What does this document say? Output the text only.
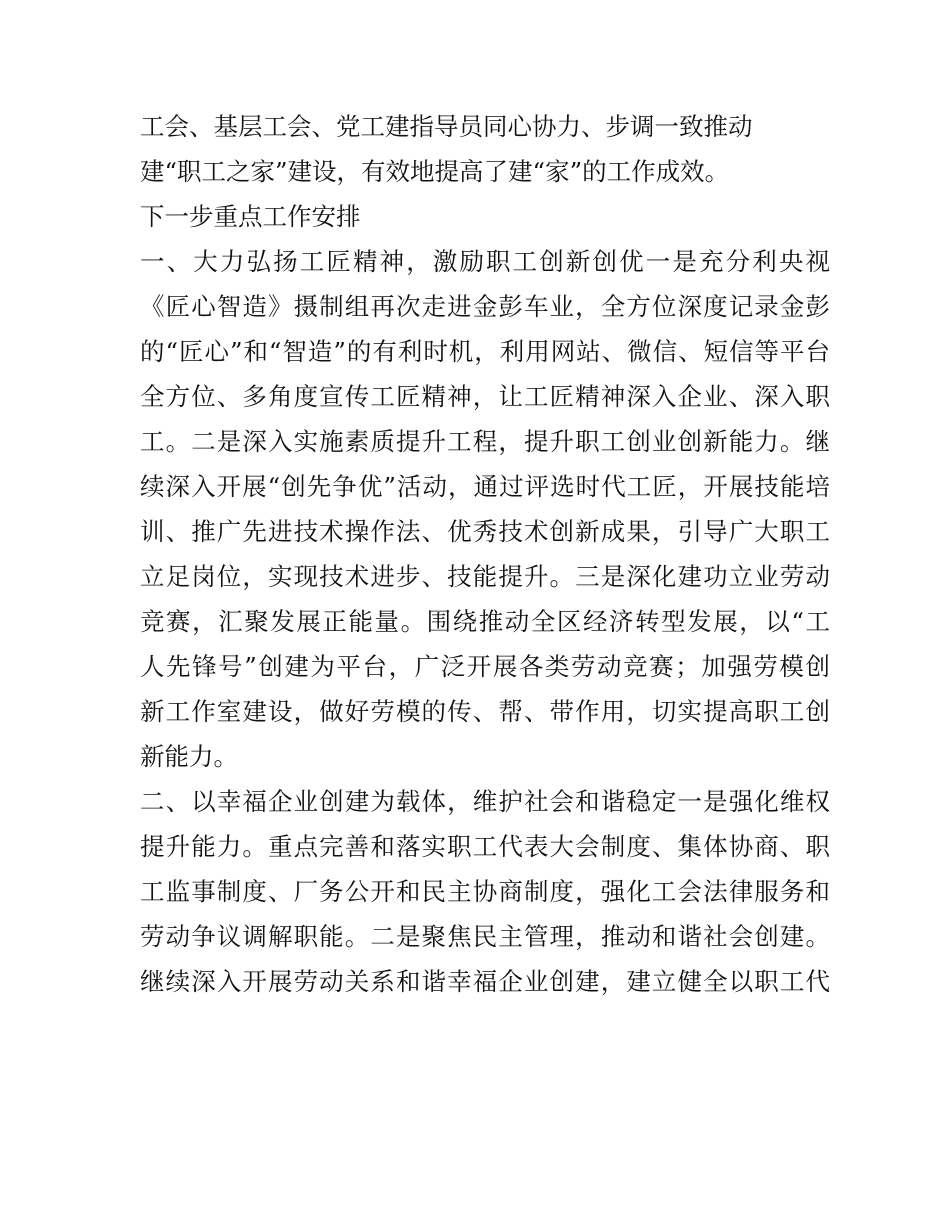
工会、基层工会、党工建指导员同心协力、步调一致推动
建“职工之家”建设，有效地提高了建“家”的工作成效。
下一步重点工作安排
一、大力弘扬工匠精神，激励职工创新创优一是充分利央视
《匠心智造》摄制组再次走进金彭车业，全方位深度记录金彭
的“匠心”和“智造”的有利时机，利用网站、微信、短信等平台
全方位、多角度宣传工匠精神，让工匠精神深入企业、深入职
工。二是深入实施素质提升工程，提升职工创业创新能力。继
续深入开展“创先争优”活动，通过评选时代工匠，开展技能培
训、推广先进技术操作法、优秀技术创新成果，引导广大职工
立足岗位，实现技术进步、技能提升。三是深化建功立业劳动
竞赛，汇聚发展正能量。围绕推动全区经济转型发展，以“工
人先锋号”创建为平台，广泛开展各类劳动竞赛；加强劳模创
新工作室建设，做好劳模的传、帮、带作用，切实提高职工创
新能力。
二、以幸福企业创建为载体，维护社会和谐稳定一是强化维权
提升能力。重点完善和落实职工代表大会制度、集体协商、职
工监事制度、厂务公开和民主协商制度，强化工会法律服务和
劳动争议调解职能。二是聚焦民主管理，推动和谐社会创建。
继续深入开展劳动关系和谐幸福企业创建，建立健全以职工代
